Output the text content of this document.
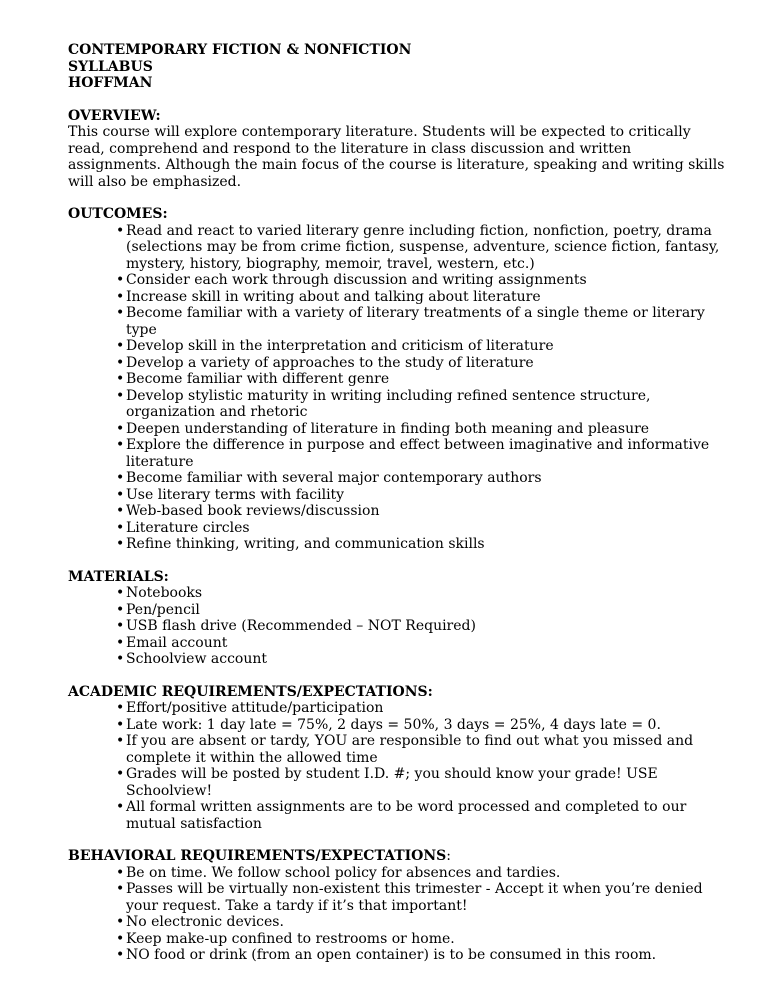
CONTEMPORARY FICTION & NONFICTION
SYLLABUS
HOFFMAN
OVERVIEW:
This course will explore contemporary literature. Students will be expected to critically read, comprehend and respond to the literature in class discussion and written assignments. Although the main focus of the course is literature, speaking and writing skills will also be emphasized.
OUTCOMES:
• Read and react to varied literary genre including fiction, nonfiction, poetry, drama (selections may be from crime fiction, suspense, adventure, science fiction, fantasy, mystery, history, biography, memoir, travel, western, etc.)
• Consider each work through discussion and writing assignments
• Increase skill in writing about and talking about literature
• Become familiar with a variety of literary treatments of a single theme or literary type
• Develop skill in the interpretation and criticism of literature
• Develop a variety of approaches to the study of literature
• Become familiar with different genre
• Develop stylistic maturity in writing including refined sentence structure, organization and rhetoric
• Deepen understanding of literature in finding both meaning and pleasure
• Explore the difference in purpose and effect between imaginative and informative literature
• Become familiar with several major contemporary authors
• Use literary terms with facility
• Web-based book reviews/discussion
• Literature circles
• Refine thinking, writing, and communication skills
MATERIALS:
• Notebooks
• Pen/pencil
• USB flash drive (Recommended – NOT Required)
• Email account
• Schoolview account
ACADEMIC REQUIREMENTS/EXPECTATIONS:
• Effort/positive attitude/participation
• Late work: 1 day late = 75%, 2 days = 50%, 3 days = 25%, 4 days late = 0.
• If you are absent or tardy, YOU are responsible to find out what you missed and complete it within the allowed time
• Grades will be posted by student I.D. #; you should know your grade! USE Schoolview!
• All formal written assignments are to be word processed and completed to our mutual satisfaction
BEHAVIORAL REQUIREMENTS/EXPECTATIONS:
• Be on time. We follow school policy for absences and tardies.
• Passes will be virtually non-existent this trimester - Accept it when you’re denied your request. Take a tardy if it’s that important!
• No electronic devices.
• Keep make-up confined to restrooms or home.
• NO food or drink (from an open container) is to be consumed in this room.
